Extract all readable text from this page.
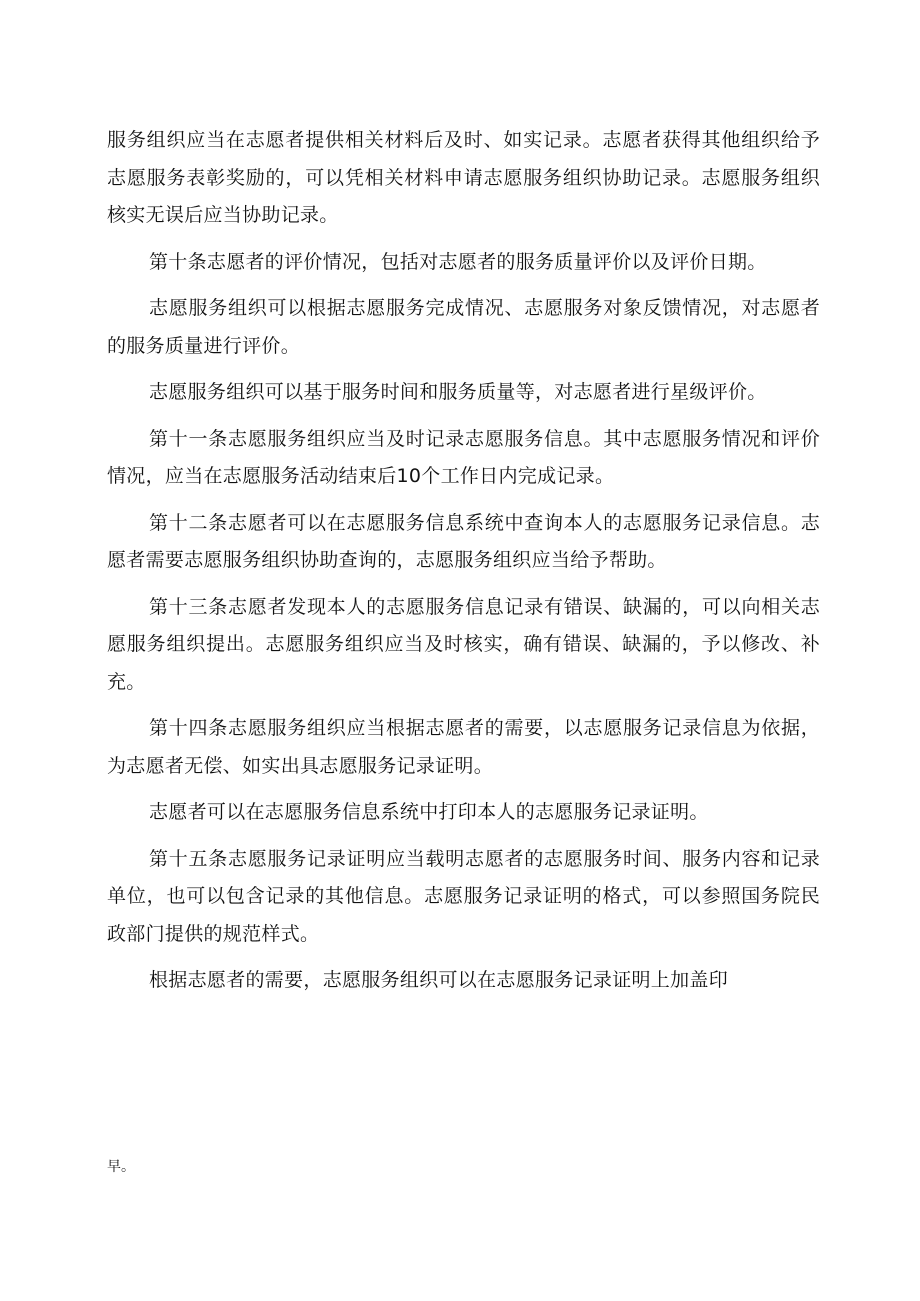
服务组织应当在志愿者提供相关材料后及时、如实记录。志愿者获得其他组织给予志愿服务表彰奖励的，可以凭相关材料申请志愿服务组织协助记录。志愿服务组织核实无误后应当协助记录。

第十条志愿者的评价情况，包括对志愿者的服务质量评价以及评价日期。

志愿服务组织可以根据志愿服务完成情况、志愿服务对象反馈情况，对志愿者的服务质量进行评价。

志愿服务组织可以基于服务时间和服务质量等，对志愿者进行星级评价。

第十一条志愿服务组织应当及时记录志愿服务信息。其中志愿服务情况和评价情况，应当在志愿服务活动结束后10个工作日内完成记录。

第十二条志愿者可以在志愿服务信息系统中查询本人的志愿服务记录信息。志愿者需要志愿服务组织协助查询的，志愿服务组织应当给予帮助。

第十三条志愿者发现本人的志愿服务信息记录有错误、缺漏的，可以向相关志愿服务组织提出。志愿服务组织应当及时核实，确有错误、缺漏的，予以修改、补充。

第十四条志愿服务组织应当根据志愿者的需要，以志愿服务记录信息为依据，为志愿者无偿、如实出具志愿服务记录证明。

志愿者可以在志愿服务信息系统中打印本人的志愿服务记录证明。

第十五条志愿服务记录证明应当载明志愿者的志愿服务时间、服务内容和记录单位，也可以包含记录的其他信息。志愿服务记录证明的格式，可以参照国务院民政部门提供的规范样式。

根据志愿者的需要，志愿服务组织可以在志愿服务记录证明上加盖印

早。
